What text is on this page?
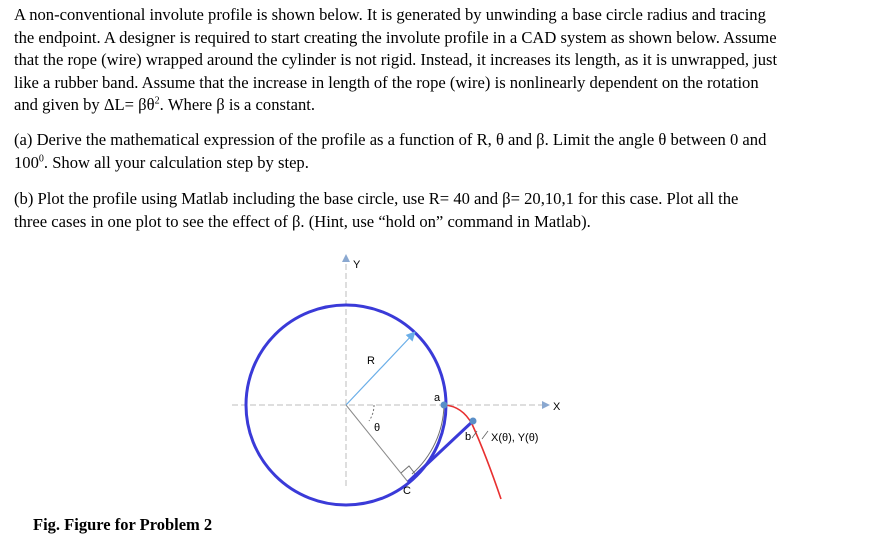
A non-conventional involute profile is shown below. It is generated by unwinding a base circle radius and tracing
the endpoint. A designer is required to start creating the involute profile in a CAD system as shown below. Assume
that the rope (wire) wrapped around the cylinder is not rigid. Instead, it increases its length, as it is unwrapped, just
like a rubber band. Assume that the increase in length of the rope (wire) is nonlinearly dependent on the rotation
and given by $\Delta L= \beta\theta^2$. Where β is a constant.
(a) Derive the mathematical expression of the profile as a function of R, θ and β. Limit the angle θ between 0 and
$100^0$. Show all your calculation step by step.
(b) Plot the profile using Matlab including the base circle, use R= 40 and β= 20,10,1 for this case. Plot all the
three cases in one plot to see the effect of β. (Hint, use “hold on” command in Matlab).
Y
X
R
θ
a
b
C
X(θ), Y(θ)
Fig. Figure for Problem 2
